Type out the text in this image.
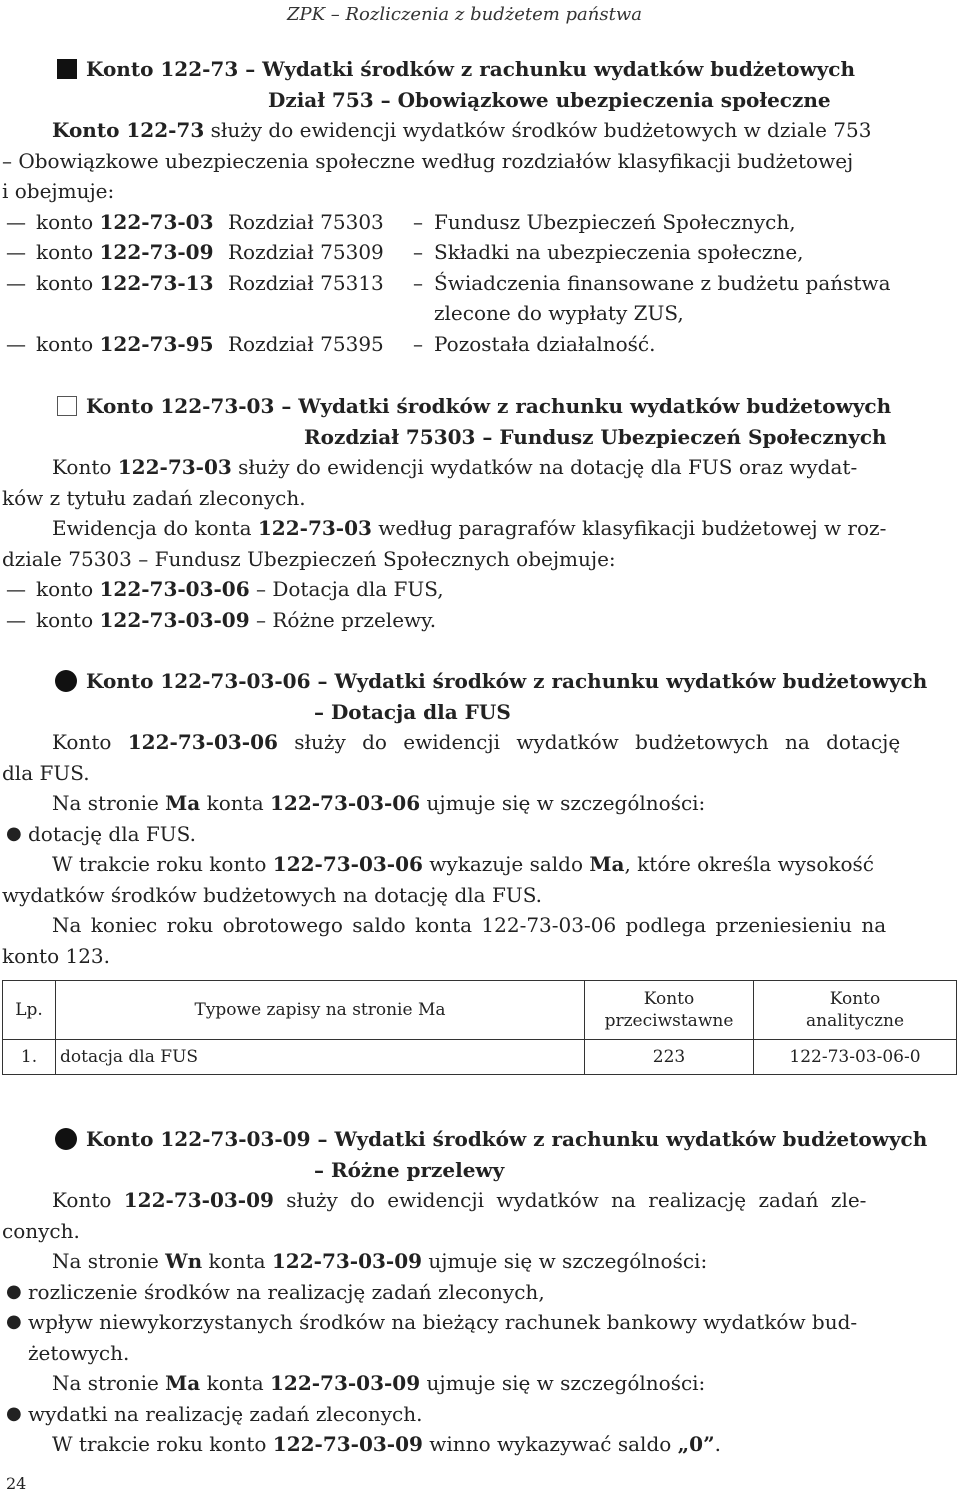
ZPK – Rozliczenia z budżetem państwa
Konto 122-73 – Wydatki środków z rachunku wydatków budżetowych
Dział 753 – Obowiązkowe ubezpieczenia społeczne
Konto 122-73 służy do ewidencji wydatków środków budżetowych w dziale 753
– Obowiązkowe ubezpieczenia społeczne według rozdziałów klasyfikacji budżetowej
i obejmuje:
— konto 122-73-03 Rozdział 75303 – Fundusz Ubezpieczeń Społecznych,
— konto 122-73-09 Rozdział 75309 – Składki na ubezpieczenia społeczne,
— konto 122-73-13 Rozdział 75313 – Świadczenia finansowane z budżetu państwa
zlecone do wypłaty ZUS,
— konto 122-73-95 Rozdział 75395 – Pozostała działalność.
Konto 122-73-03 – Wydatki środków z rachunku wydatków budżetowych
Rozdział 75303 – Fundusz Ubezpieczeń Społecznych
Konto 122-73-03 służy do ewidencji wydatków na dotację dla FUS oraz wydat-
ków z tytułu zadań zleconych.
Ewidencja do konta 122-73-03 według paragrafów klasyfikacji budżetowej w roz-
dziale 75303 – Fundusz Ubezpieczeń Społecznych obejmuje:
— konto 122-73-03-06 – Dotacja dla FUS,
— konto 122-73-03-09 – Różne przelewy.
Konto 122-73-03-06 – Wydatki środków z rachunku wydatków budżetowych
– Dotacja dla FUS
Konto 122-73-03-06 służy do ewidencji wydatków budżetowych na dotację
dla FUS.
Na stronie Ma konta 122-73-03-06 ujmuje się w szczególności:
● dotację dla FUS.
W trakcie roku konto 122-73-03-06 wykazuje saldo Ma, które określa wysokość
wydatków środków budżetowych na dotację dla FUS.
Na koniec roku obrotowego saldo konta 122-73-03-06 podlega przeniesieniu na
konto 123.
Lp.	Typowe zapisy na stronie Ma	Konto przeciwstawne	Konto analityczne
1.	dotacja dla FUS	223	122-73-03-06-0
Konto 122-73-03-09 – Wydatki środków z rachunku wydatków budżetowych
– Różne przelewy
Konto 122-73-03-09 służy do ewidencji wydatków na realizację zadań zle-
conych.
Na stronie Wn konta 122-73-03-09 ujmuje się w szczególności:
● rozliczenie środków na realizację zadań zleconych,
● wpływ niewykorzystanych środków na bieżący rachunek bankowy wydatków bud-
żetowych.
Na stronie Ma konta 122-73-03-09 ujmuje się w szczególności:
● wydatki na realizację zadań zleconych.
W trakcie roku konto 122-73-03-09 winno wykazywać saldo „0”.
24
